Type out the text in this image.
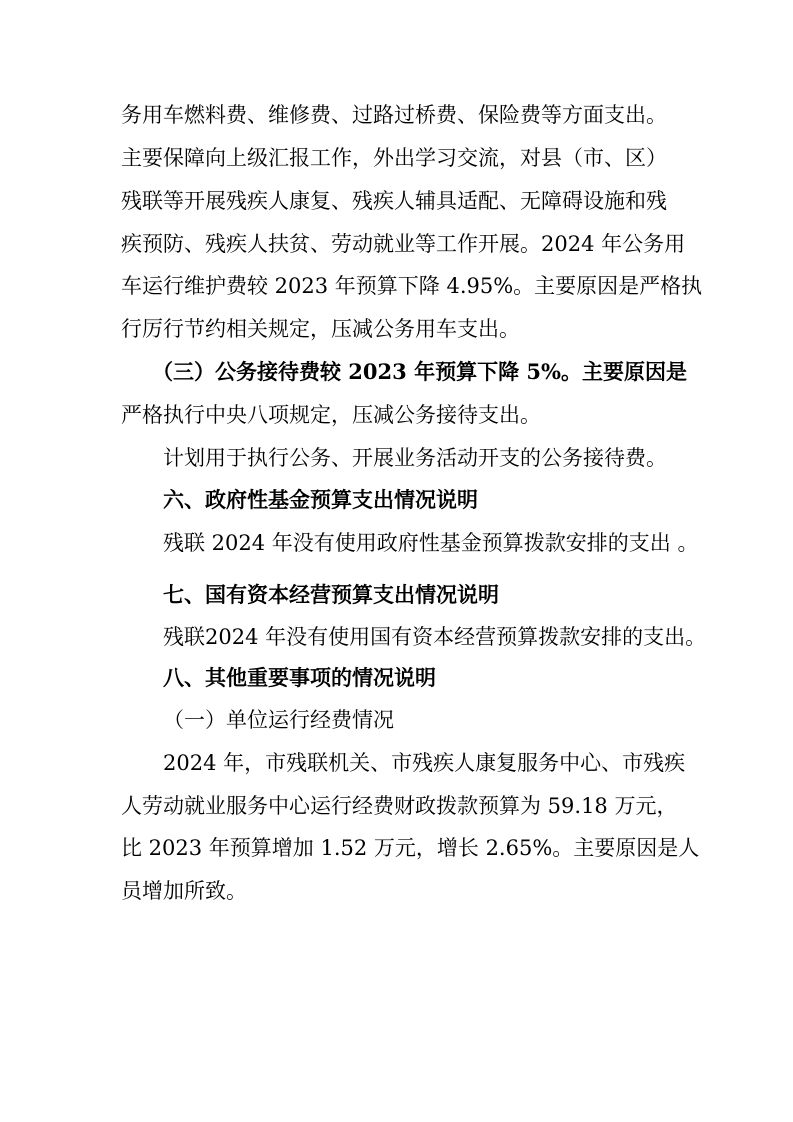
务用车燃料费、维修费、过路过桥费、保险费等方面支出。
主要保障向上级汇报工作，外出学习交流，对县（市、区）
残联等开展残疾人康复、残疾人辅具适配、无障碍设施和残
疾预防、残疾人扶贫、劳动就业等工作开展。2024 年公务用
车运行维护费较 2023 年预算下降 4.95%。主要原因是严格执
行厉行节约相关规定，压减公务用车支出。
（三）公务接待费较 2023 年预算下降 5%。主要原因是
严格执行中央八项规定，压减公务接待支出。
计划用于执行公务、开展业务活动开支的公务接待费。
六、政府性基金预算支出情况说明
残联 2024 年没有使用政府性基金预算拨款安排的支出 。
七、国有资本经营预算支出情况说明
残联2024 年没有使用国有资本经营预算拨款安排的支出。
八、其他重要事项的情况说明
（一）单位运行经费情况
2024 年，市残联机关、市残疾人康复服务中心、市残疾
人劳动就业服务中心运行经费财政拨款预算为 59.18 万元，
比 2023 年预算增加 1.52 万元，增长 2.65%。主要原因是人
员增加所致。
